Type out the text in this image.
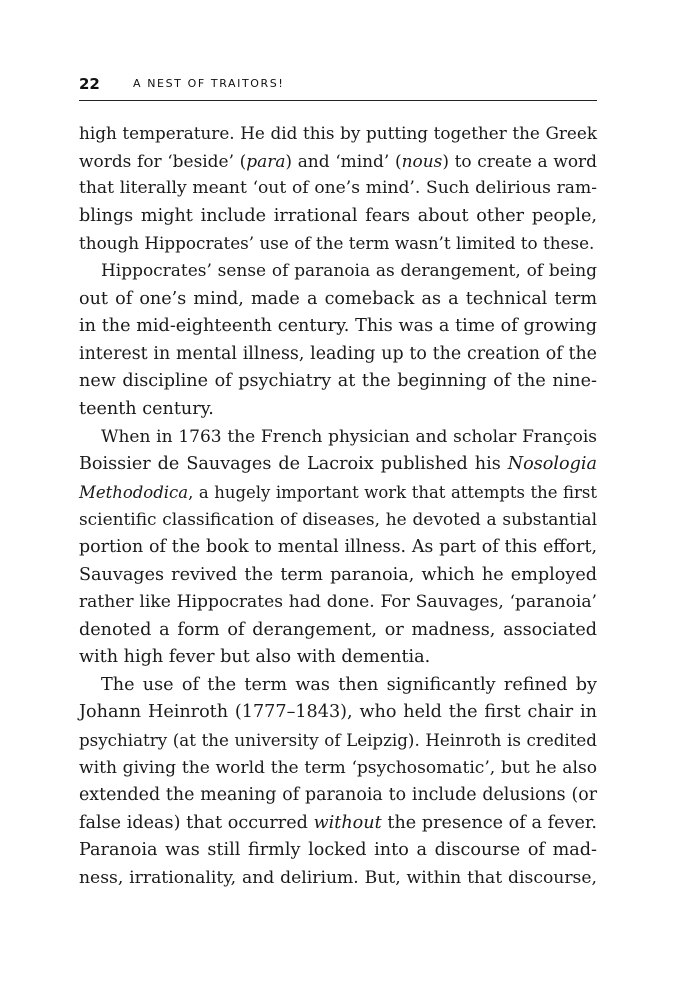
22	A NEST OF TRAITORS!
high temperature. He did this by putting together the Greek
words for ‘beside’ (para) and ‘mind’ (nous) to create a word
that literally meant ‘out of one’s mind’. Such delirious ram-
blings might include irrational fears about other people,
though Hippocrates’ use of the term wasn’t limited to these.
Hippocrates’ sense of paranoia as derangement, of being
out of one’s mind, made a comeback as a technical term
in the mid-eighteenth century. This was a time of growing
interest in mental illness, leading up to the creation of the
new discipline of psychiatry at the beginning of the nine-
teenth century.
When in 1763 the French physician and scholar François
Boissier de Sauvages de Lacroix published his Nosologia
Methododica, a hugely important work that attempts the first
scientific classification of diseases, he devoted a substantial
portion of the book to mental illness. As part of this effort,
Sauvages revived the term paranoia, which he employed
rather like Hippocrates had done. For Sauvages, ‘paranoia’
denoted a form of derangement, or madness, associated
with high fever but also with dementia.
The use of the term was then significantly refined by
Johann Heinroth (1777–1843), who held the first chair in
psychiatry (at the university of Leipzig). Heinroth is credited
with giving the world the term ‘psychosomatic’, but he also
extended the meaning of paranoia to include delusions (or
false ideas) that occurred without the presence of a fever.
Paranoia was still firmly locked into a discourse of mad-
ness, irrationality, and delirium. But, within that discourse,
